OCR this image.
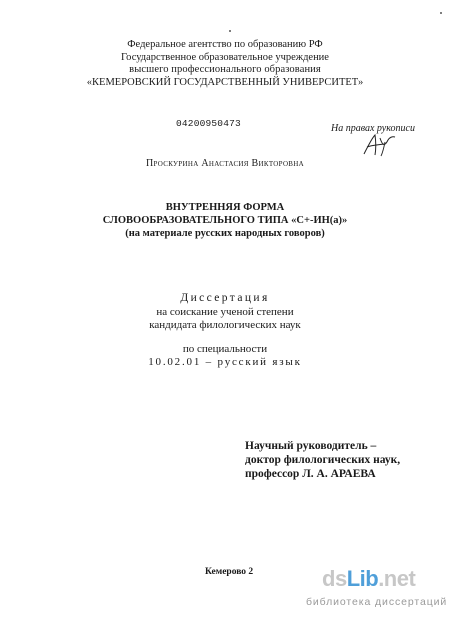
Федеральное агентство по образованию РФ
Государственное образовательное учреждение
высшего профессионального образования
«КЕМЕРОВСКИЙ ГОСУДАРСТВЕННЫЙ УНИВЕРСИТЕТ»
04200950473	На правах рукописи
Проскурина Анастасия Викторовна
ВНУТРЕННЯЯ ФОРМА
СЛОВООБРАЗОВАТЕЛЬНОГО ТИПА «С+-ИН(а)»
(на материале русских народных говоров)
Диссертация
на соискание ученой степени
кандидата филологических наук
по специальности
10.02.01 – русский язык
Научный руководитель –
доктор филологических наук,
профессор Л. А. АРАЕВА
Кемерово 2	dsLib.net
библиотека диссертаций
